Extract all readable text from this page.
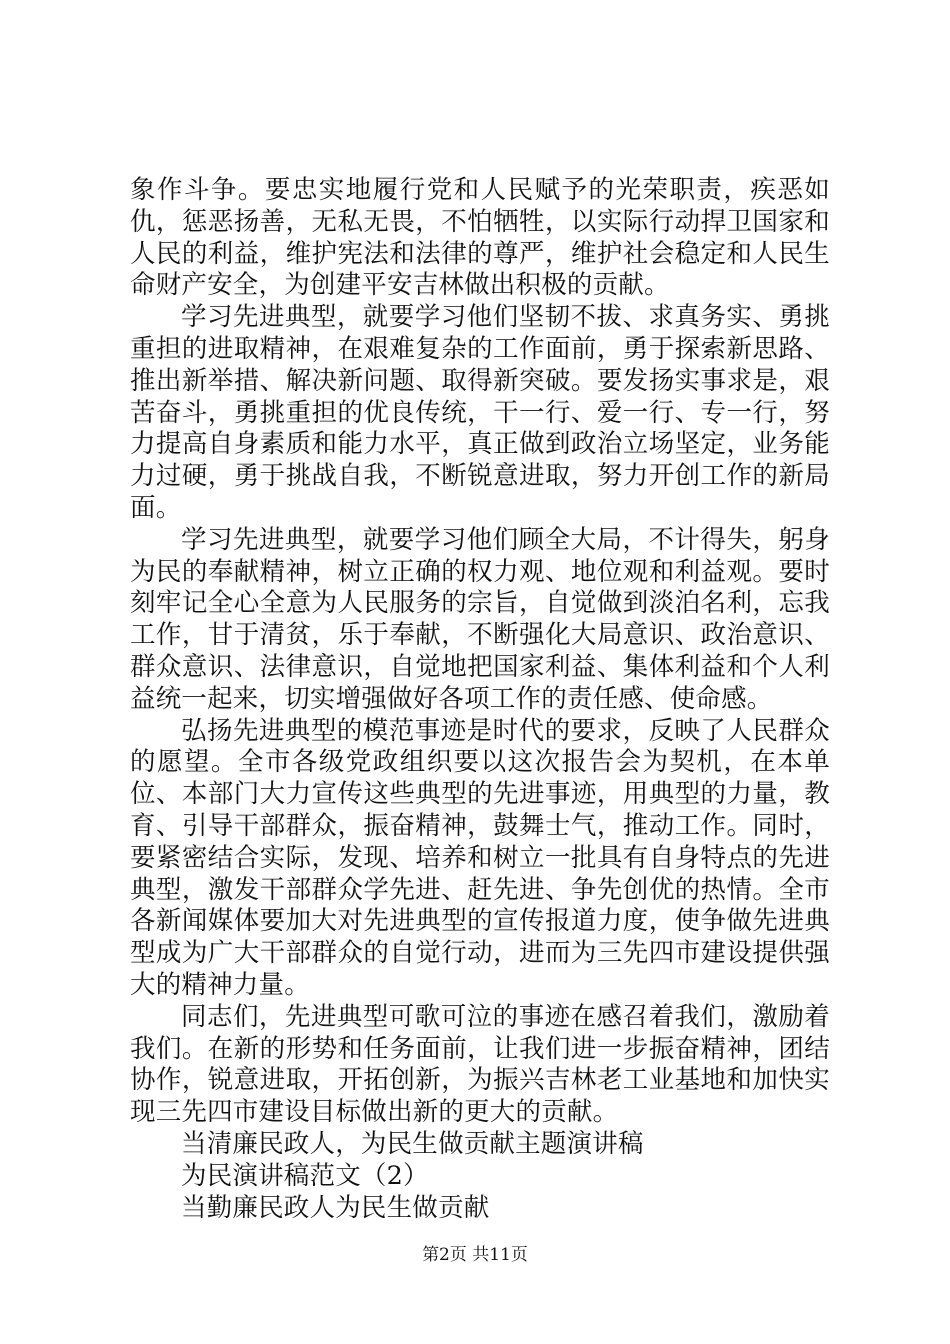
象作斗争。要忠实地履行党和人民赋予的光荣职责，疾恶如仇，惩恶扬善，无私无畏，不怕牺牲，以实际行动捍卫国家和人民的利益，维护宪法和法律的尊严，维护社会稳定和人民生命财产安全，为创建平安吉林做出积极的贡献。

学习先进典型，就要学习他们坚韧不拔、求真务实、勇挑重担的进取精神，在艰难复杂的工作面前，勇于探索新思路、推出新举措、解决新问题、取得新突破。要发扬实事求是，艰苦奋斗，勇挑重担的优良传统，干一行、爱一行、专一行，努力提高自身素质和能力水平，真正做到政治立场坚定，业务能力过硬，勇于挑战自我，不断锐意进取，努力开创工作的新局面。

学习先进典型，就要学习他们顾全大局，不计得失，躬身为民的奉献精神，树立正确的权力观、地位观和利益观。要时刻牢记全心全意为人民服务的宗旨，自觉做到淡泊名利，忘我工作，甘于清贫，乐于奉献，不断强化大局意识、政治意识、群众意识、法律意识，自觉地把国家利益、集体利益和个人利益统一起来，切实增强做好各项工作的责任感、使命感。

弘扬先进典型的模范事迹是时代的要求，反映了人民群众的愿望。全市各级党政组织要以这次报告会为契机，在本单位、本部门大力宣传这些典型的先进事迹，用典型的力量，教育、引导干部群众，振奋精神，鼓舞士气，推动工作。同时，要紧密结合实际，发现、培养和树立一批具有自身特点的先进典型，激发干部群众学先进、赶先进、争先创优的热情。全市各新闻媒体要加大对先进典型的宣传报道力度，使争做先进典型成为广大干部群众的自觉行动，进而为三先四市建设提供强大的精神力量。

同志们，先进典型可歌可泣的事迹在感召着我们，激励着我们。在新的形势和任务面前，让我们进一步振奋精神，团结协作，锐意进取，开拓创新，为振兴吉林老工业基地和加快实现三先四市建设目标做出新的更大的贡献。

当清廉民政人，为民生做贡献主题演讲稿

为民演讲稿范文（2）

当勤廉民政人为民生做贡献

第2页 共11页
